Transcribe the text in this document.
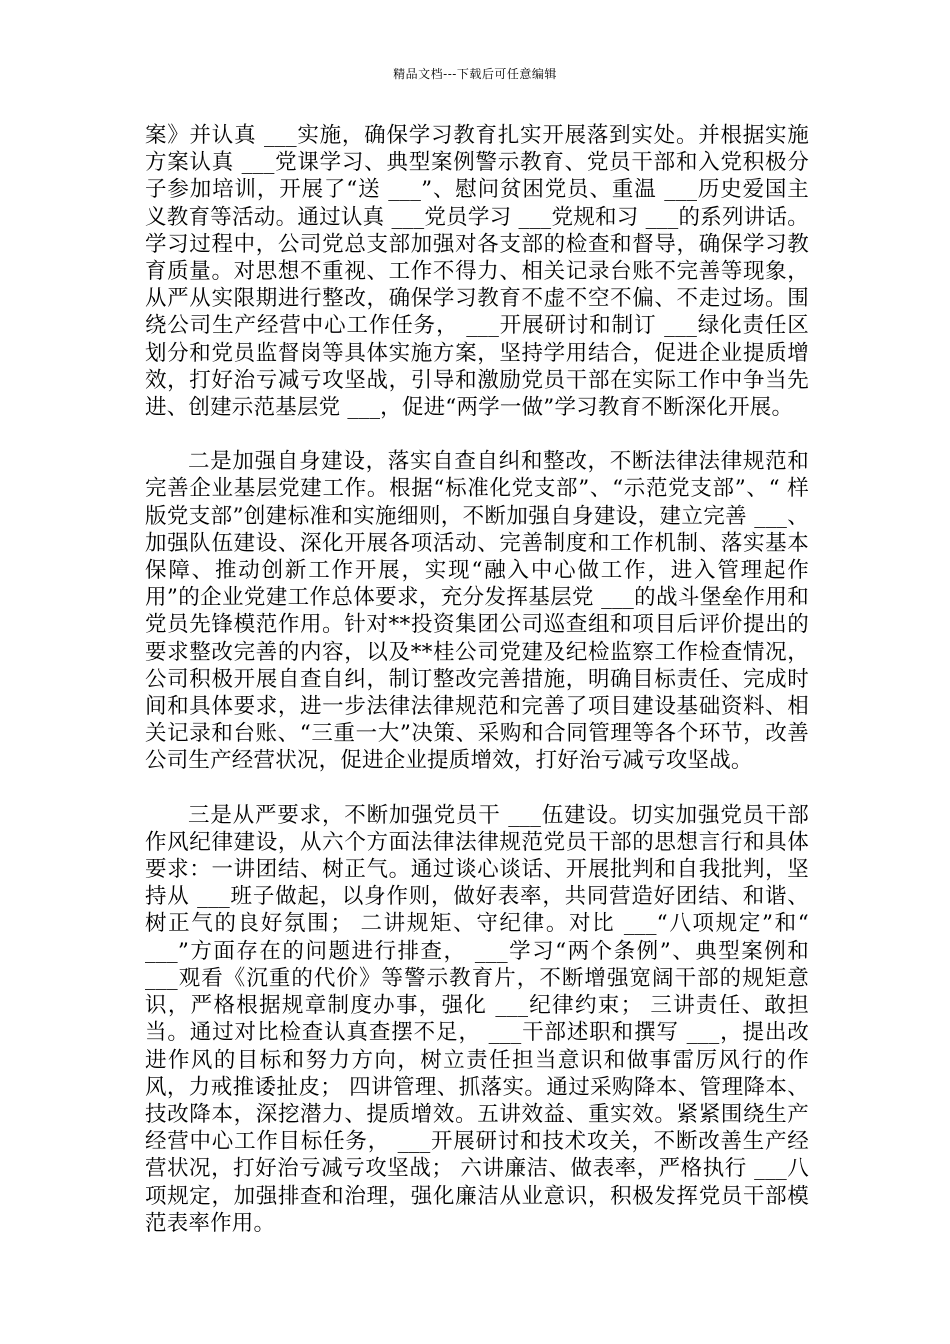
精品文档---下载后可任意编辑

案》并认真 ___实施，确保学习教育扎实开展落到实处。并根据实施方案认真 ___党课学习、典型案例警示教育、党员干部和入党积极分子参加培训，开展了“送 ___”、慰问贫困党员、重温 ___历史爱国主义教育等活动。通过认真 ___党员学习 ___党规和习 ___的系列讲话。学习过程中，公司党总支部加强对各支部的检查和督导，确保学习教育质量。对思想不重视、工作不得力、相关记录台账不完善等现象，从严从实限期进行整改，确保学习教育不虚不空不偏、不走过场。围绕公司生产经营中心工作任务， ___开展研讨和制订 ___绿化责任区划分和党员监督岗等具体实施方案，坚持学用结合，促进企业提质增效，打好治亏减亏攻坚战，引导和激励党员干部在实际工作中争当先进、创建示范基层党 ___，促进“两学一做”学习教育不断深化开展。

二是加强自身建设，落实自查自纠和整改，不断法律法律规范和完善企业基层党建工作。根据“标准化党支部”、“示范党支部”、“ 样版党支部”创建标准和实施细则，不断加强自身建设，建立完善 ___、加强队伍建设、深化开展各项活动、完善制度和工作机制、落实基本保障、推动创新工作开展，实现“融入中心做工作，进入管理起作用”的企业党建工作总体要求，充分发挥基层党 ___的战斗堡垒作用和党员先锋模范作用。针对**投资集团公司巡查组和项目后评价提出的要求整改完善的内容，以及**桂公司党建及纪检监察工作检查情况，公司积极开展自查自纠，制订整改完善措施，明确目标责任、完成时间和具体要求，进一步法律法律规范和完善了项目建设基础资料、相关记录和台账、“三重一大”决策、采购和合同管理等各个环节，改善公司生产经营状况，促进企业提质增效，打好治亏减亏攻坚战。

三是从严要求，不断加强党员干 ___伍建设。切实加强党员干部作风纪律建设，从六个方面法律法律规范党员干部的思想言行和具体要求：一讲团结、树正气。通过谈心谈话、开展批判和自我批判，坚持从 ___班子做起，以身作则，做好表率，共同营造好团结、和谐、树正气的良好氛围； 二讲规矩、守纪律。对比 ___“八项规定”和“ ___”方面存在的问题进行排查， ___学习“两个条例”、典型案例和 ___观看《沉重的代价》等警示教育片，不断增强宽阔干部的规矩意识，严格根据规章制度办事，强化 ___纪律约束； 三讲责任、敢担当。通过对比检查认真查摆不足， ___干部述职和撰写 ___，提出改进作风的目标和努力方向，树立责任担当意识和做事雷厉风行的作风，力戒推诿扯皮； 四讲管理、抓落实。通过采购降本、管理降本、技改降本，深挖潜力、提质增效。五讲效益、重实效。紧紧围绕生产经营中心工作目标任务， ___开展研讨和技术攻关，不断改善生产经营状况，打好治亏减亏攻坚战； 六讲廉洁、做表率，严格执行 ___八项规定，加强排查和治理，强化廉洁从业意识，积极发挥党员干部模范表率作用。
